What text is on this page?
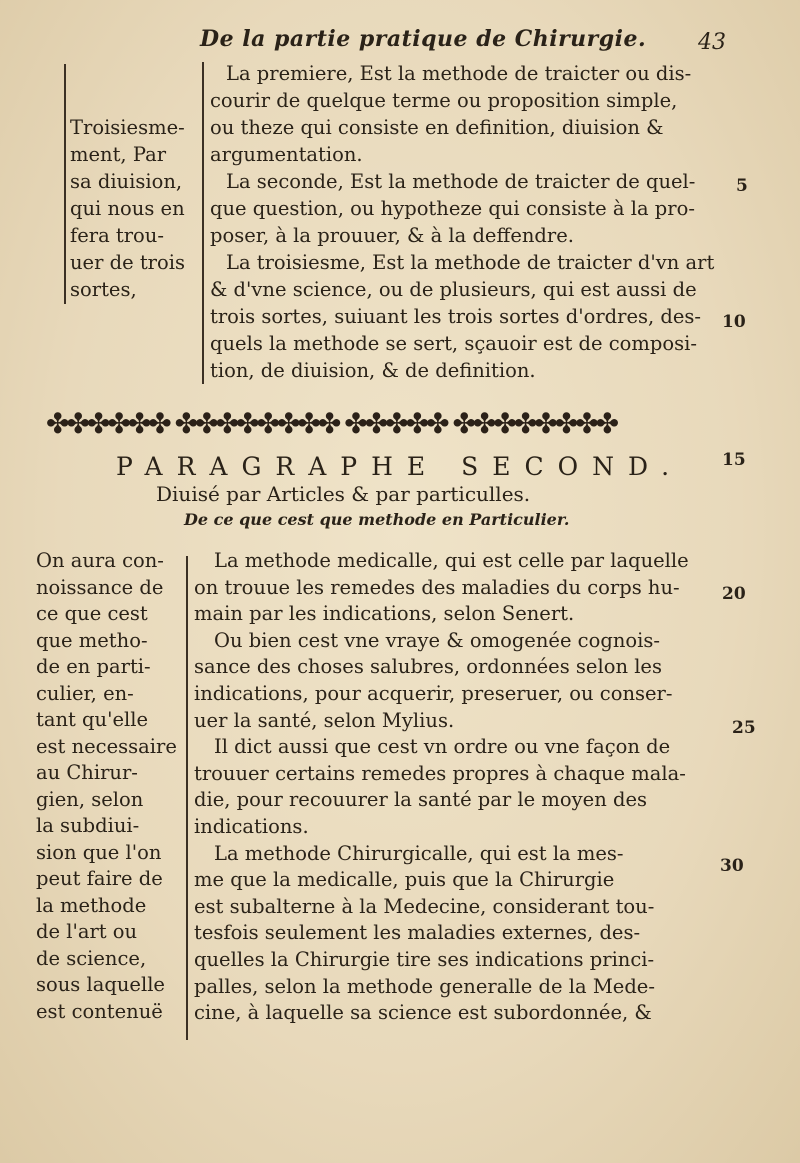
De la partie pratique de Chirurgie. 43
Troisiesme-
ment, Par
sa diuision,
qui nous en
fera trou-
uer de trois
sortes,
La premiere, Est la methode de traicter ou dis-
courir de quelque terme ou proposition simple,
ou theze qui consiste en definition, diuision &
argumentation.
La seconde, Est la methode de traicter de quel-
que question, ou hypotheze qui consiste à la pro-
poser, à la prouuer, & à la deffendre.
La troisiesme, Est la methode de traicter d'vn art
& d'vne science, ou de plusieurs, qui est aussi de
trois sortes, suiuant les trois sortes d'ordres, des-
quels la methode se sert, sçauoir est de composi-
tion, de diuision, & de definition.
5
10
✤✤✤✤✤✤ ✤✤✤✤✤✤✤✤ ✤✤✤✤✤ ✤✤✤✤✤✤✤✤
PARAGRAPHE SECOND. 15
Diuisé par Articles & par particulles.
De ce que cest que methode en Particulier.
On aura con-
noissance de
ce que cest
que metho-
de en parti-
culier, en-
tant qu'elle
est necessaire
au Chirur-
gien, selon
la subdiui-
sion que l'on
peut faire de
la methode
de l'art ou
de science,
sous laquelle
est contenuë
La methode medicalle, qui est celle par laquelle
on trouue les remedes des maladies du corps hu-
main par les indications, selon Senert.
Ou bien cest vne vraye & omogenée cognois-
sance des choses salubres, ordonnées selon les
indications, pour acquerir, preseruer, ou conser-
uer la santé, selon Mylius.
Il dict aussi que cest vn ordre ou vne façon de
trouuer certains remedes propres à chaque mala-
die, pour recouurer la santé par le moyen des
indications.
La methode Chirurgicalle, qui est la mes-
me que la medicalle, puis que la Chirurgie
est subalterne à la Medecine, considerant tou-
tesfois seulement les maladies externes, des-
quelles la Chirurgie tire ses indications princi-
palles, selon la methode generalle de la Mede-
cine, à laquelle sa science est subordonnée, &
20
25
30
